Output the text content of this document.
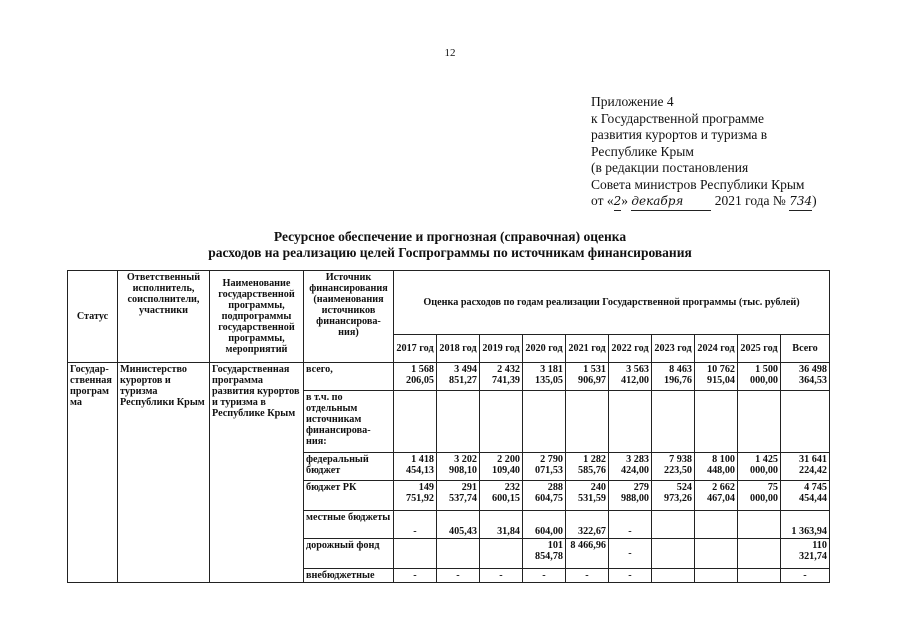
12
Приложение 4
к Государственной программе
развития курортов и туризма в
Республике Крым
(в редакции постановления
Совета министров Республики Крым
от «2» декабря 2021 года № 734)
Ресурсное обеспечение и прогнозная (справочная) оценка
расходов на реализацию целей Госпрограммы по источникам финансирования
Статус	Ответственный исполнитель, соисполнители, участники	Наименование государственной программы, подпрограммы государственной программы, мероприятий	Источник финансирования (наименования источников финансирова-ния)	Оценка расходов по годам реализации Государственной программы (тыс. рублей)									
				2017 год	2018 год	2019 год	2020 год	2021 год	2022 год	2023 год	2024 год	2025 год	Всего
Государ-ственная програм ма	Министерство курортов и туризма Республики Крым	Государственная программа развития курортов и туризма в Республике Крым	всего,	1 568 206,05	3 494 851,27	2 432 741,39	3 181 135,05	1 531 906,97	3 563 412,00	8 463 196,76	10 762 915,04	1 500 000,00	36 498 364,53
			в т.ч. по отдельным источникам финансирова-ния:										
			федеральный бюджет	1 418 454,13	3 202 908,10	2 200 109,40	2 790 071,53	1 282 585,76	3 283 424,00	7 938 223,50	8 100 448,00	1 425 000,00	31 641 224,42
			бюджет РК	149 751,92	291 537,74	232 600,15	288 604,75	240 531,59	279 988,00	524 973,26	2 662 467,04	75 000,00	4 745 454,44
			местные бюджеты	-	405,43	31,84	604,00	322,67	-				1 363,94
			дорожный фонд				101 854,78	8 466,96	-				110 321,74
			внебюджетные	-	-	-	-	-	-				-
